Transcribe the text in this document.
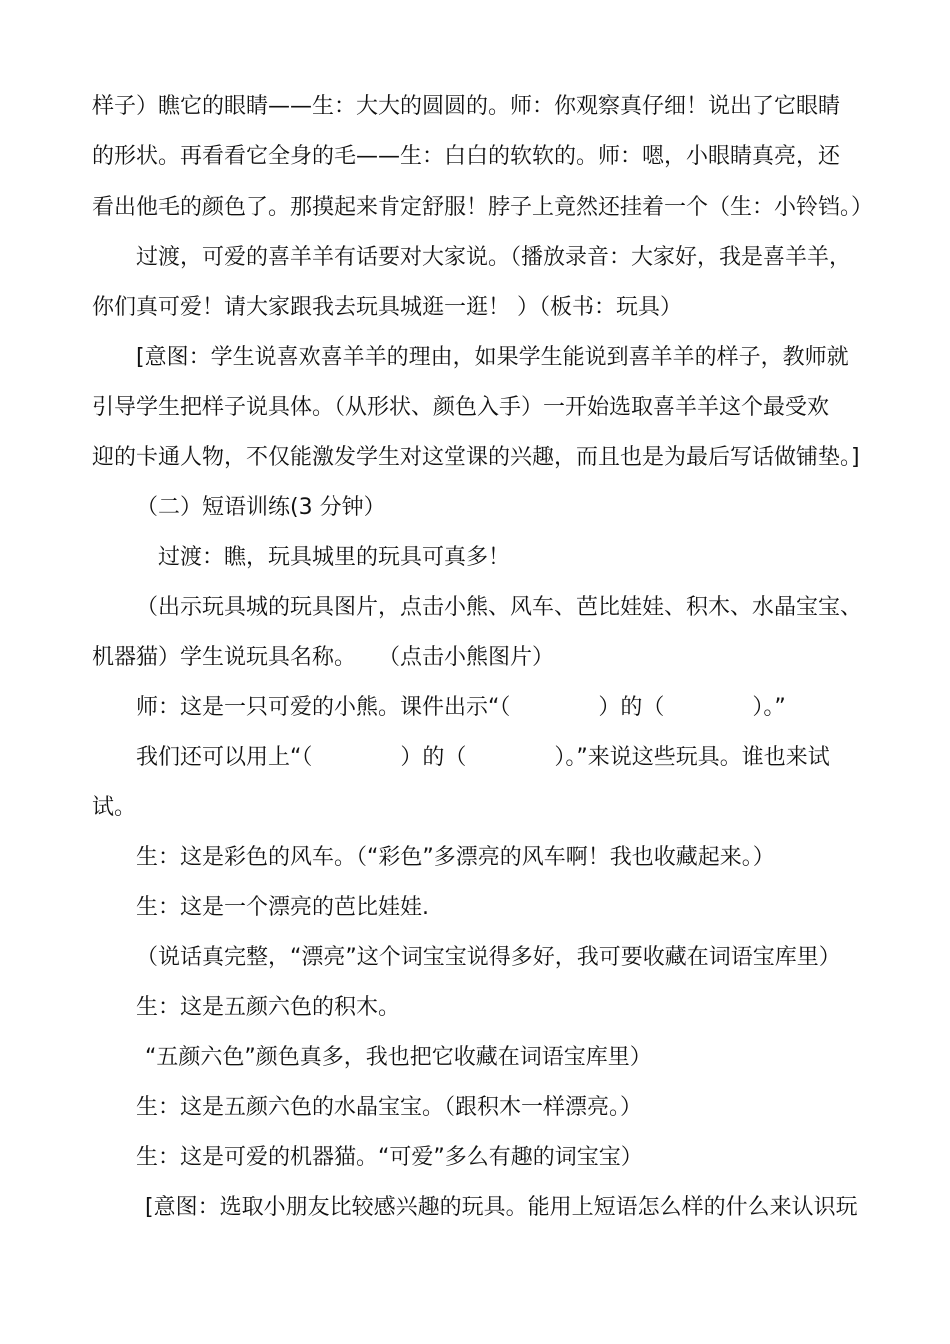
样子）瞧它的眼睛——生：大大的圆圆的。师：你观察真仔细！说出了它眼睛
的形状。再看看它全身的毛——生：白白的软软的。师：嗯，小眼睛真亮，还
看出他毛的颜色了。那摸起来肯定舒服！脖子上竟然还挂着一个（生：小铃铛。）
过渡，可爱的喜羊羊有话要对大家说。（播放录音：大家好，我是喜羊羊，
你们真可爱！请大家跟我去玩具城逛一逛！ ）（板书：玩具）
[意图：学生说喜欢喜羊羊的理由，如果学生能说到喜羊羊的样子，教师就
引导学生把样子说具体。（从形状、颜色入手）一开始选取喜羊羊这个最受欢
迎的卡通人物，不仅能激发学生对这堂课的兴趣，而且也是为最后写话做铺垫。]
（二）短语训练(3 分钟）
过渡：瞧，玩具城里的玩具可真多！
（出示玩具城的玩具图片，点击小熊、风车、芭比娃娃、积木、水晶宝宝、
机器猫）学生说玩具名称。　　（点击小熊图片）
师：这是一只可爱的小熊。课件出示“（　　　　）的（　　　　）。”
我们还可以用上“（　　　　）的（　　　　）。”来说这些玩具。谁也来试
试。
生：这是彩色的风车。（“彩色”多漂亮的风车啊！我也收藏起来。）
生：这是一个漂亮的芭比娃娃.
（说话真完整，“漂亮”这个词宝宝说得多好，我可要收藏在词语宝库里）
生：这是五颜六色的积木。
“五颜六色”颜色真多，我也把它收藏在词语宝库里）
生：这是五颜六色的水晶宝宝。（跟积木一样漂亮。）
生：这是可爱的机器猫。“可爱”多么有趣的词宝宝）
[意图：选取小朋友比较感兴趣的玩具。能用上短语怎么样的什么来认识玩
